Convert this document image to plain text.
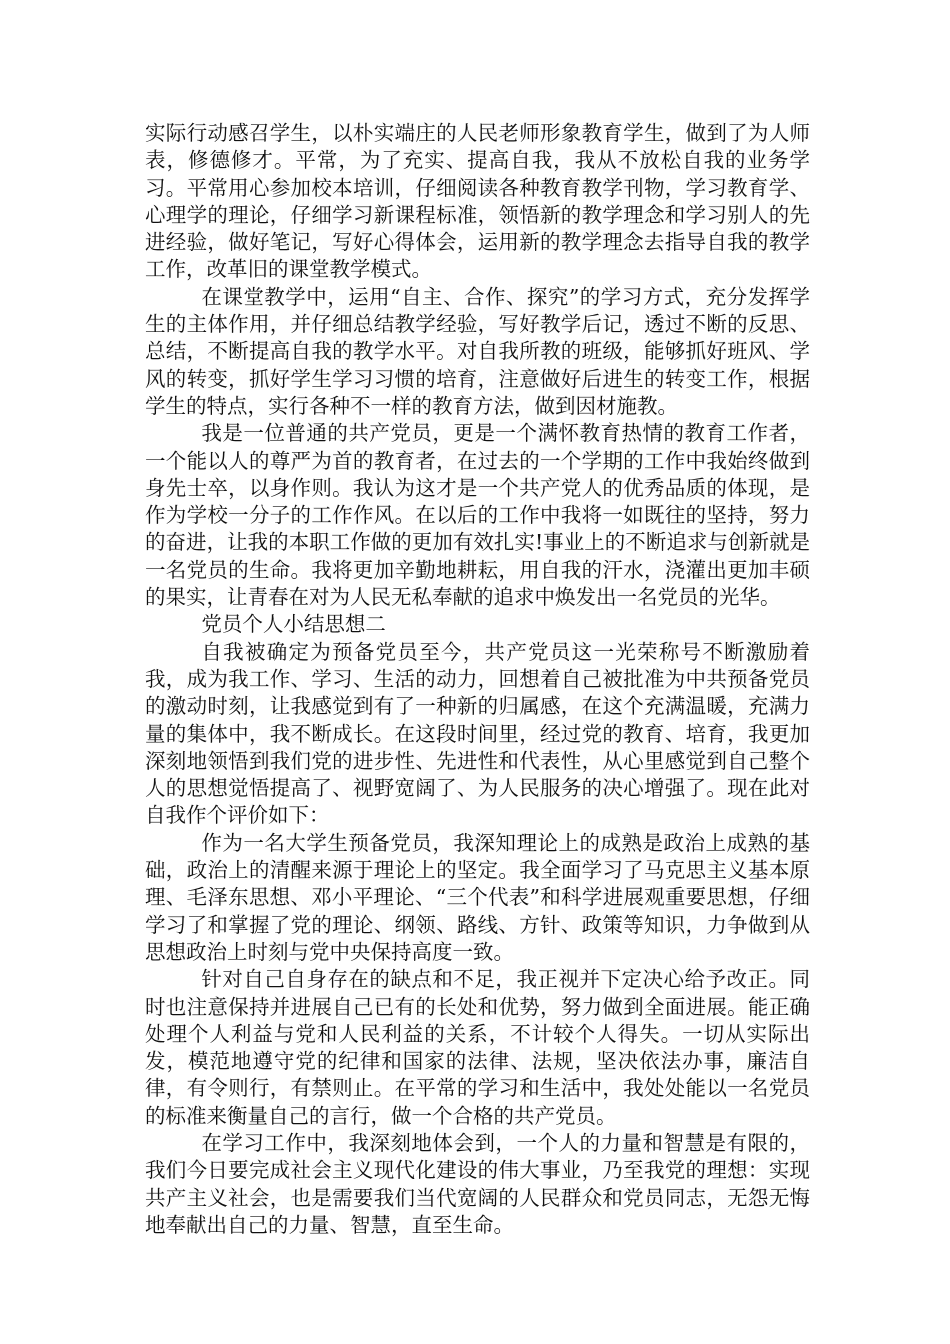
实际行动感召学生，以朴实端庄的人民老师形象教育学生，做到了为人师表，修德修才。平常，为了充实、提高自我，我从不放松自我的业务学习。平常用心参加校本培训，仔细阅读各种教育教学刊物，学习教育学、心理学的理论，仔细学习新课程标准，领悟新的教学理念和学习别人的先进经验，做好笔记，写好心得体会，运用新的教学理念去指导自我的教学工作，改革旧的课堂教学模式。

在课堂教学中，运用“自主、合作、探究”的学习方式，充分发挥学生的主体作用，并仔细总结教学经验，写好教学后记，透过不断的反思、总结，不断提高自我的教学水平。对自我所教的班级，能够抓好班风、学风的转变，抓好学生学习习惯的培育，注意做好后进生的转变工作，根据学生的特点，实行各种不一样的教育方法，做到因材施教。

我是一位普通的共产党员，更是一个满怀教育热情的教育工作者，一个能以人的尊严为首的教育者，在过去的一个学期的工作中我始终做到身先士卒，以身作则。我认为这才是一个共产党人的优秀品质的体现，是作为学校一分子的工作作风。在以后的工作中我将一如既往的坚持，努力的奋进，让我的本职工作做的更加有效扎实!事业上的不断追求与创新就是一名党员的生命。我将更加辛勤地耕耘，用自我的汗水，浇灌出更加丰硕的果实，让青春在对为人民无私奉献的追求中焕发出一名党员的光华。

党员个人小结思想二

自我被确定为预备党员至今，共产党员这一光荣称号不断激励着我，成为我工作、学习、生活的动力，回想着自己被批准为中共预备党员的激动时刻，让我感觉到有了一种新的归属感，在这个充满温暖，充满力量的集体中，我不断成长。在这段时间里，经过党的教育、培育，我更加深刻地领悟到我们党的进步性、先进性和代表性，从心里感觉到自己整个人的思想觉悟提高了、视野宽阔了、为人民服务的决心增强了。现在此对自我作个评价如下：

作为一名大学生预备党员，我深知理论上的成熟是政治上成熟的基础，政治上的清醒来源于理论上的坚定。我全面学习了马克思主义基本原理、毛泽东思想、邓小平理论、“三个代表”和科学进展观重要思想，仔细学习了和掌握了党的理论、纲领、路线、方针、政策等知识，力争做到从思想政治上时刻与党中央保持高度一致。

针对自己自身存在的缺点和不足，我正视并下定决心给予改正。同时也注意保持并进展自己已有的长处和优势，努力做到全面进展。能正确处理个人利益与党和人民利益的关系，不计较个人得失。一切从实际出发，模范地遵守党的纪律和国家的法律、法规，坚决依法办事，廉洁自律，有令则行，有禁则止。在平常的学习和生活中，我处处能以一名党员的标准来衡量自己的言行，做一个合格的共产党员。

在学习工作中，我深刻地体会到，一个人的力量和智慧是有限的，我们今日要完成社会主义现代化建设的伟大事业，乃至我党的理想：实现共产主义社会，也是需要我们当代宽阔的人民群众和党员同志，无怨无悔地奉献出自己的力量、智慧，直至生命。
